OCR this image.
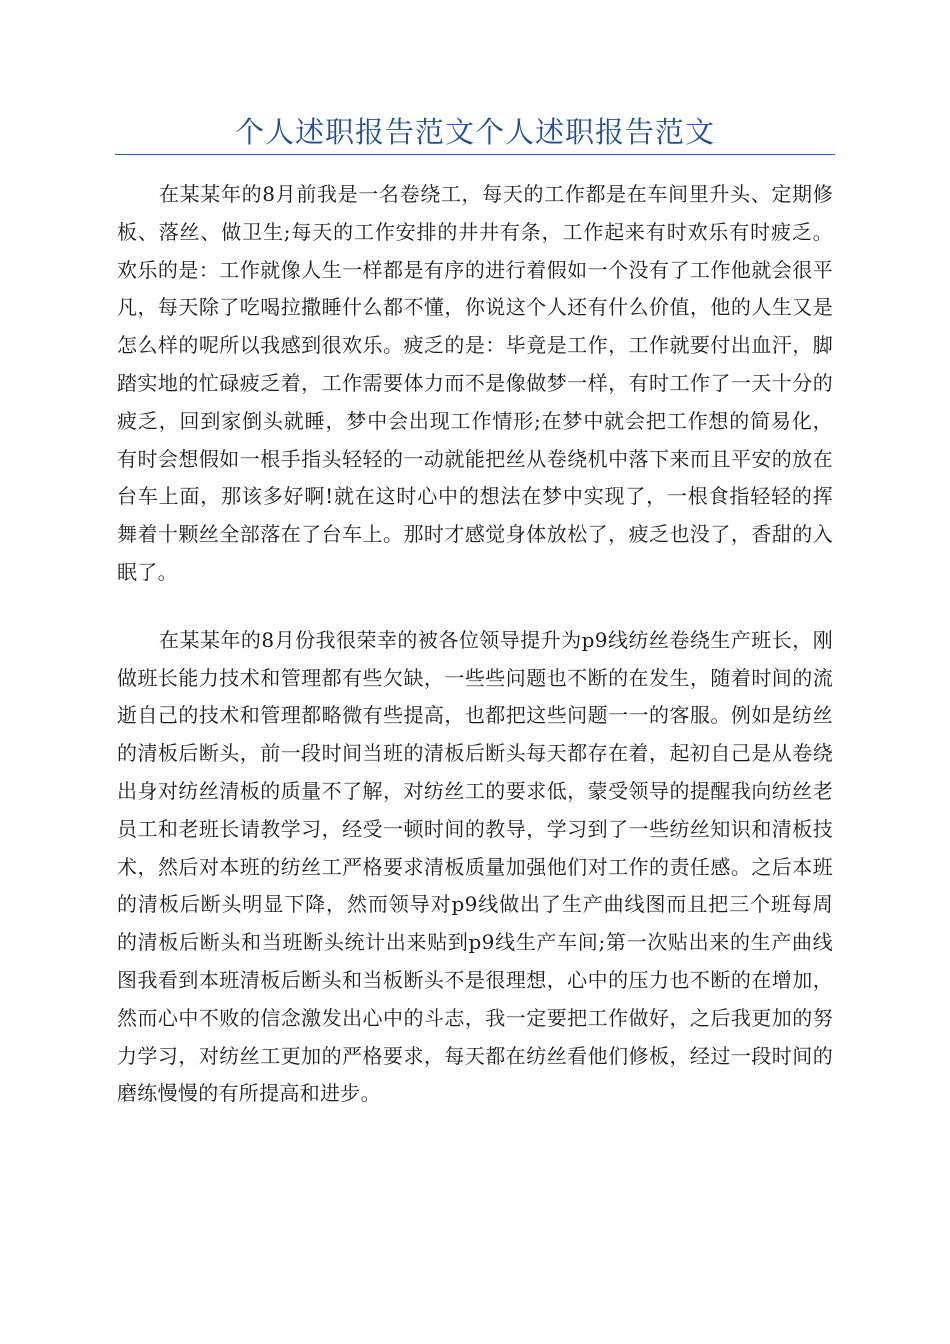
个人述职报告范文个人述职报告范文

在某某年的8月前我是一名卷绕工，每天的工作都是在车间里升头、定期修板、落丝、做卫生;每天的工作安排的井井有条，工作起来有时欢乐有时疲乏。欢乐的是：工作就像人生一样都是有序的进行着假如一个没有了工作他就会很平凡，每天除了吃喝拉撒睡什么都不懂，你说这个人还有什么价值，他的人生又是怎么样的呢所以我感到很欢乐。疲乏的是：毕竟是工作，工作就要付出血汗，脚踏实地的忙碌疲乏着，工作需要体力而不是像做梦一样，有时工作了一天十分的疲乏，回到家倒头就睡，梦中会出现工作情形;在梦中就会把工作想的简易化，有时会想假如一根手指头轻轻的一动就能把丝从卷绕机中落下来而且平安的放在台车上面，那该多好啊!就在这时心中的想法在梦中实现了，一根食指轻轻的挥舞着十颗丝全部落在了台车上。那时才感觉身体放松了，疲乏也没了，香甜的入眠了。

在某某年的8月份我很荣幸的被各位领导提升为p9线纺丝卷绕生产班长，刚做班长能力技术和管理都有些欠缺，一些些问题也不断的在发生，随着时间的流逝自己的技术和管理都略微有些提高，也都把这些问题一一的客服。例如是纺丝的清板后断头，前一段时间当班的清板后断头每天都存在着，起初自己是从卷绕出身对纺丝清板的质量不了解，对纺丝工的要求低，蒙受领导的提醒我向纺丝老员工和老班长请教学习，经受一顿时间的教导，学习到了一些纺丝知识和清板技术，然后对本班的纺丝工严格要求清板质量加强他们对工作的责任感。之后本班的清板后断头明显下降，然而领导对p9线做出了生产曲线图而且把三个班每周的清板后断头和当班断头统计出来贴到p9线生产车间;第一次贴出来的生产曲线图我看到本班清板后断头和当板断头不是很理想，心中的压力也不断的在增加，然而心中不败的信念激发出心中的斗志，我一定要把工作做好，之后我更加的努力学习，对纺丝工更加的严格要求，每天都在纺丝看他们修板，经过一段时间的磨练慢慢的有所提高和进步。
